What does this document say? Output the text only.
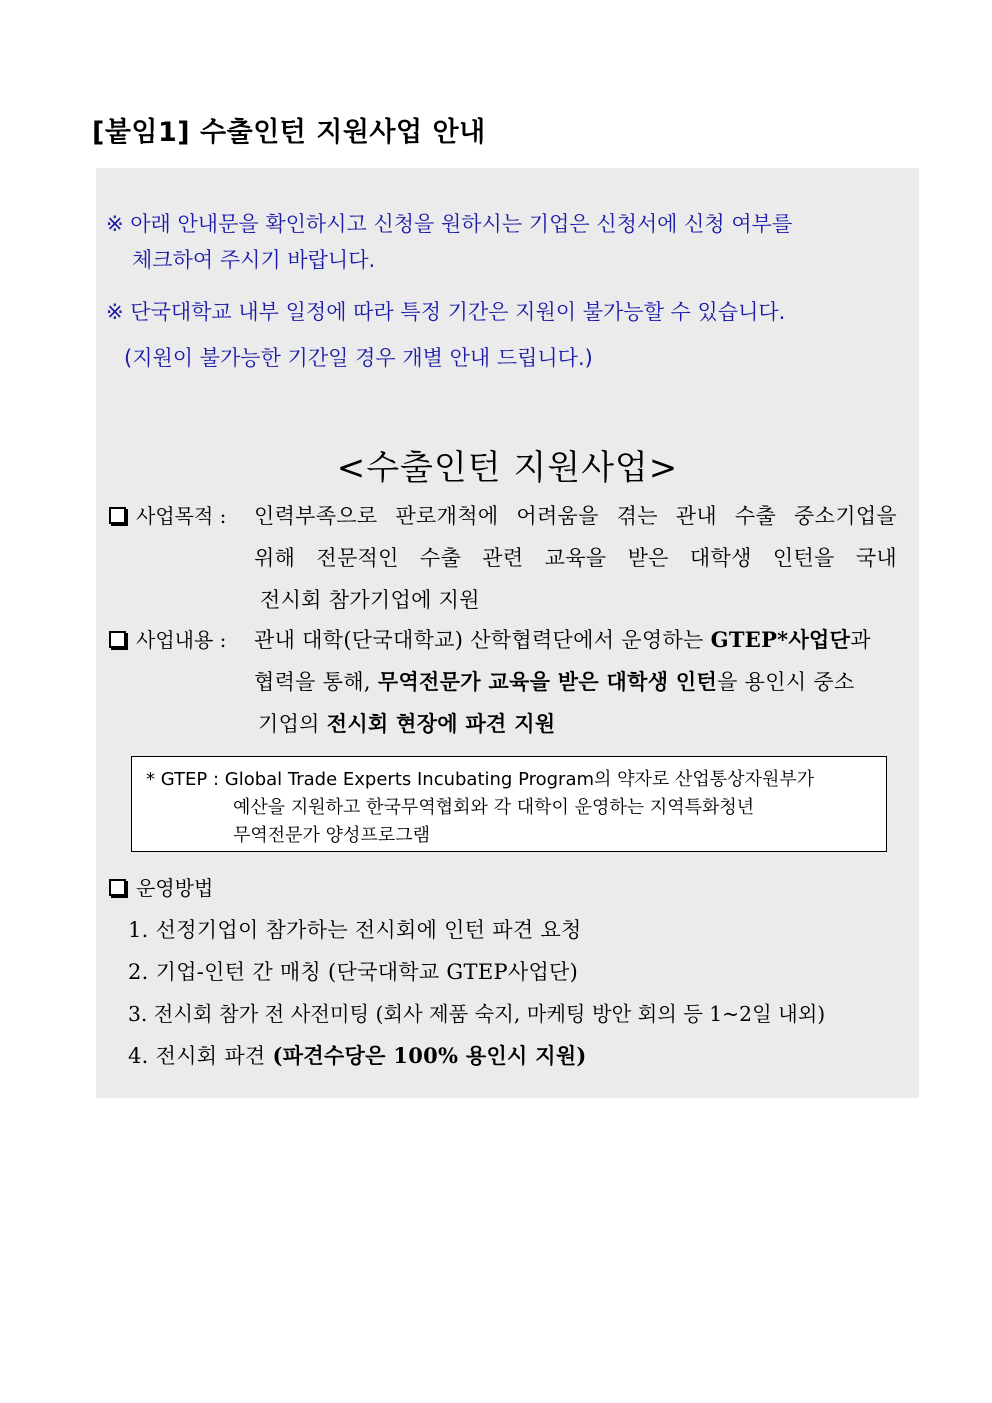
[붙임1] 수출인턴 지원사업 안내
※ 아래 안내문을 확인하시고 신청을 원하시는 기업은 신청서에 신청 여부를
체크하여 주시기 바랍니다.
※ 단국대학교 내부 일정에 따라 특정 기간은 지원이 불가능할 수 있습니다.
(지원이 불가능한 기간일 경우 개별 안내 드립니다.)
<수출인턴 지원사업>
사업목적 : 인력부족으로 판로개척에 어려움을 겪는 관내 수출 중소기업을
위해 전문적인 수출 관련 교육을 받은 대학생 인턴을 국내
전시회 참가기업에 지원
사업내용 : 관내 대학(단국대학교) 산학협력단에서 운영하는 GTEP*사업단과
협력을 통해, 무역전문가 교육을 받은 대학생 인턴을 용인시 중소
기업의 전시회 현장에 파견 지원
* GTEP : Global Trade Experts Incubating Program의 약자로 산업통상자원부가
예산을 지원하고 한국무역협회와 각 대학이 운영하는 지역특화청년
무역전문가 양성프로그램
운영방법
1. 선정기업이 참가하는 전시회에 인턴 파견 요청
2. 기업-인턴 간 매칭 (단국대학교 GTEP사업단)
3. 전시회 참가 전 사전미팅 (회사 제품 숙지, 마케팅 방안 회의 등 1~2일 내외)
4. 전시회 파견 (파견수당은 100% 용인시 지원)
